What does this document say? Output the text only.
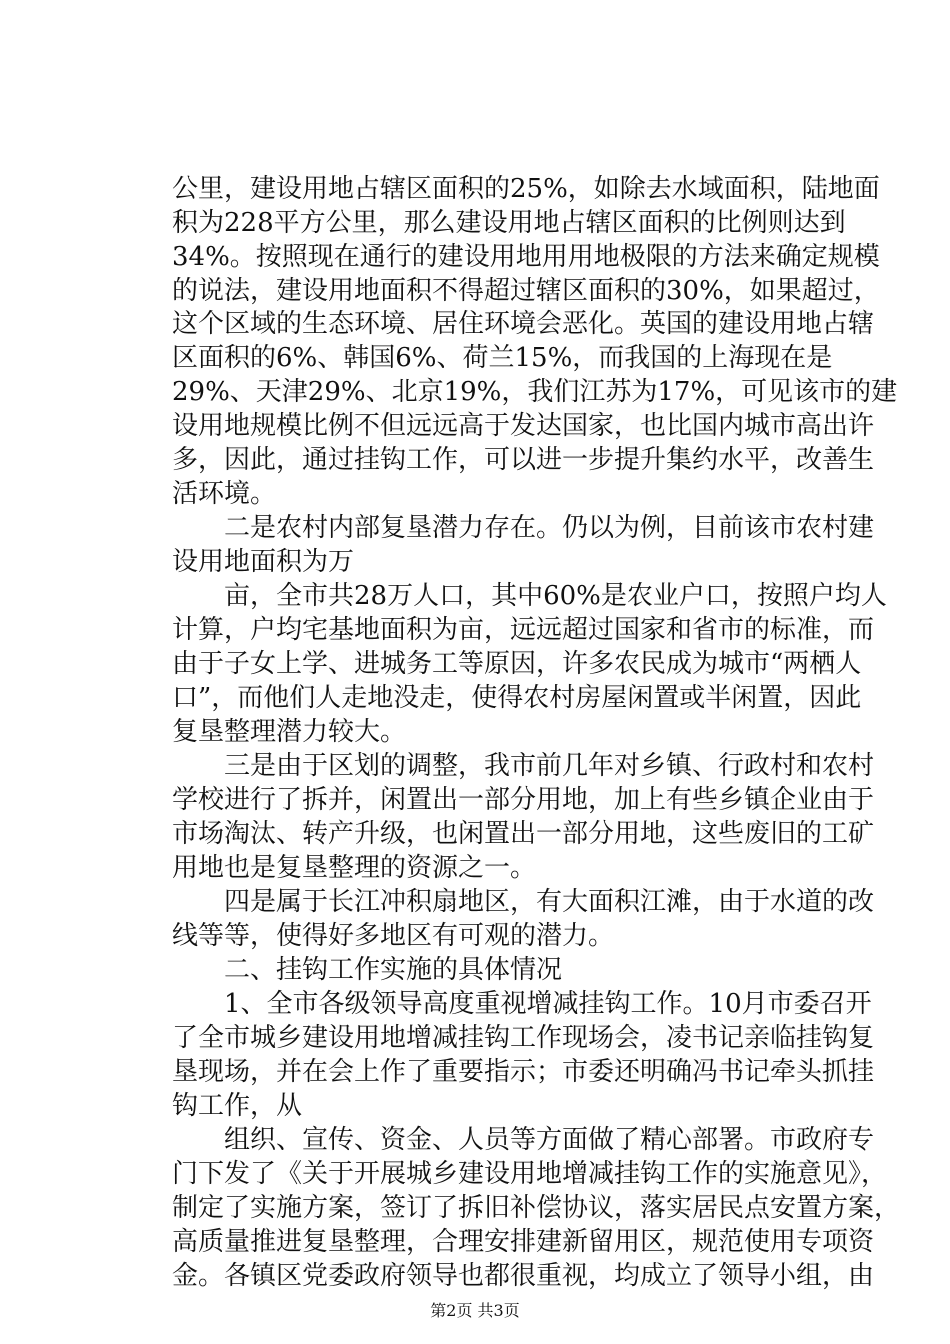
公里，建设用地占辖区面积的25%，如除去水域面积，陆地面
积为228平方公里，那么建设用地占辖区面积的比例则达到
34%。按照现在通行的建设用地用用地极限的方法来确定规模
的说法，建设用地面积不得超过辖区面积的30%，如果超过，
这个区域的生态环境、居住环境会恶化。英国的建设用地占辖
区面积的6%、韩国6%、荷兰15%，而我国的上海现在是
29%、天津29%、北京19%，我们江苏为17%，可见该市的建
设用地规模比例不但远远高于发达国家，也比国内城市高出许
多，因此，通过挂钩工作，可以进一步提升集约水平，改善生
活环境。
二是农村内部复垦潜力存在。仍以为例，目前该市农村建
设用地面积为万
亩，全市共28万人口，其中60%是农业户口，按照户均人
计算，户均宅基地面积为亩，远远超过国家和省市的标准，而
由于子女上学、进城务工等原因，许多农民成为城市“两栖人
口”，而他们人走地没走，使得农村房屋闲置或半闲置，因此
复垦整理潜力较大。
三是由于区划的调整，我市前几年对乡镇、行政村和农村
学校进行了拆并，闲置出一部分用地，加上有些乡镇企业由于
市场淘汰、转产升级，也闲置出一部分用地，这些废旧的工矿
用地也是复垦整理的资源之一。
四是属于长江冲积扇地区，有大面积江滩，由于水道的改
线等等，使得好多地区有可观的潜力。
二、挂钩工作实施的具体情况
1、全市各级领导高度重视增减挂钩工作。10月市委召开
了全市城乡建设用地增减挂钩工作现场会，凌书记亲临挂钩复
垦现场，并在会上作了重要指示；市委还明确冯书记牵头抓挂
钩工作，从
组织、宣传、资金、人员等方面做了精心部署。市政府专
门下发了《关于开展城乡建设用地增减挂钩工作的实施意见》，
制定了实施方案，签订了拆旧补偿协议，落实居民点安置方案，
高质量推进复垦整理，合理安排建新留用区，规范使用专项资
金。各镇区党委政府领导也都很重视，均成立了领导小组，由
第2页 共3页
